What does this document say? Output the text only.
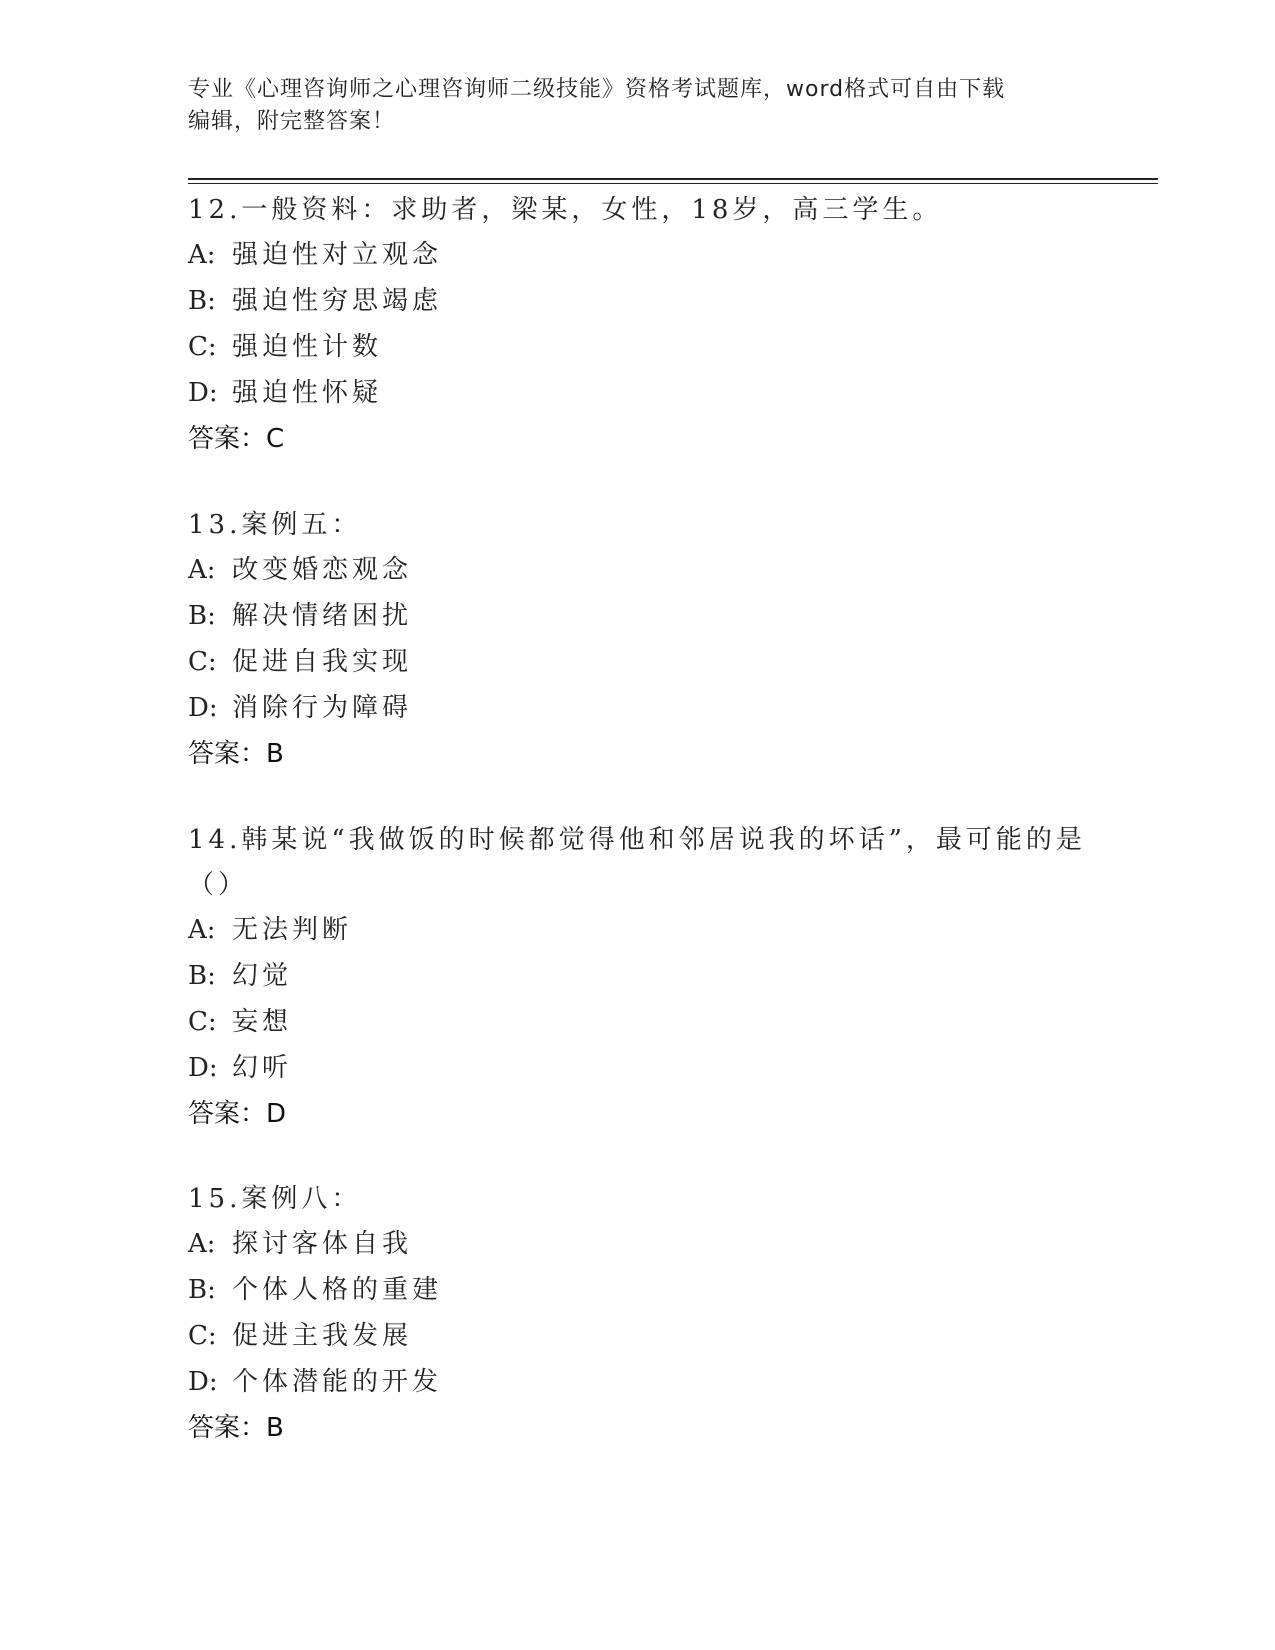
专业《心理咨询师之心理咨询师二级技能》资格考试题库，word格式可自由下载
编辑，附完整答案！
12.一般资料：求助者，梁某，女性，18岁，高三学生。
A: 强迫性对立观念
B: 强迫性穷思竭虑
C: 强迫性计数
D: 强迫性怀疑
答案：C
13.案例五：
A: 改变婚恋观念
B: 解决情绪困扰
C: 促进自我实现
D: 消除行为障碍
答案：B
14.韩某说“我做饭的时候都觉得他和邻居说我的坏话”，最可能的是
（）
A: 无法判断
B: 幻觉
C: 妄想
D: 幻听
答案：D
15.案例八：
A: 探讨客体自我
B: 个体人格的重建
C: 促进主我发展
D: 个体潜能的开发
答案：B
